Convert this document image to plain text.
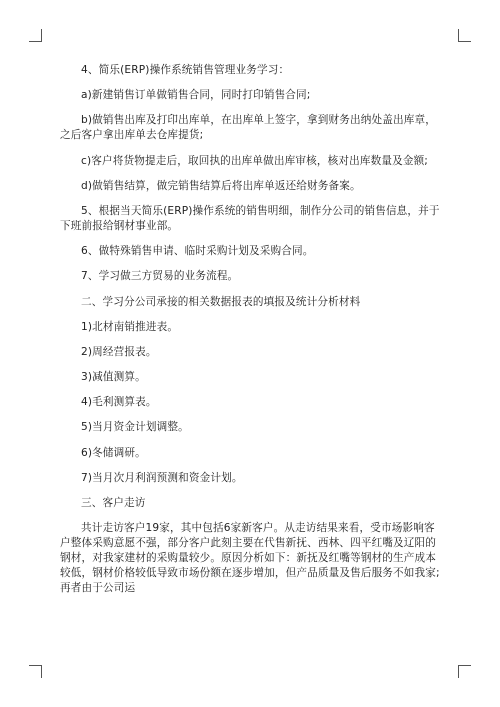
4、简乐(ERP)操作系统销售管理业务学习：

a)新建销售订单做销售合同，同时打印销售合同;

b)做销售出库及打印出库单，在出库单上签字，拿到财务出纳处盖出库章，之后客户拿出库单去仓库提货;

c)客户将货物提走后，取回执的出库单做出库审核，核对出库数量及金额;

d)做销售结算，做完销售结算后将出库单返还给财务备案。

5、根据当天简乐(ERP)操作系统的销售明细，制作分公司的销售信息，并于下班前报给钢材事业部。

6、做特殊销售申请、临时采购计划及采购合同。

7、学习做三方贸易的业务流程。

二、学习分公司承接的相关数据报表的填报及统计分析材料

1)北材南销推进表。

2)周经营报表。

3)减值测算。

4)毛利测算表。

5)当月资金计划调整。

6)冬储调研。

7)当月次月利润预测和资金计划。

三、客户走访

共计走访客户19家，其中包括6家新客户。从走访结果来看，受市场影响客户整体采购意愿不强，部分客户此刻主要在代售新抚、西林、四平红嘴及辽阳的钢材，对我家建材的采购量较少。原因分析如下：新抚及红嘴等钢材的生产成本较低，钢材价格较低导致市场份额在逐步增加，但产品质量及售后服务不如我家;再者由于公司运
